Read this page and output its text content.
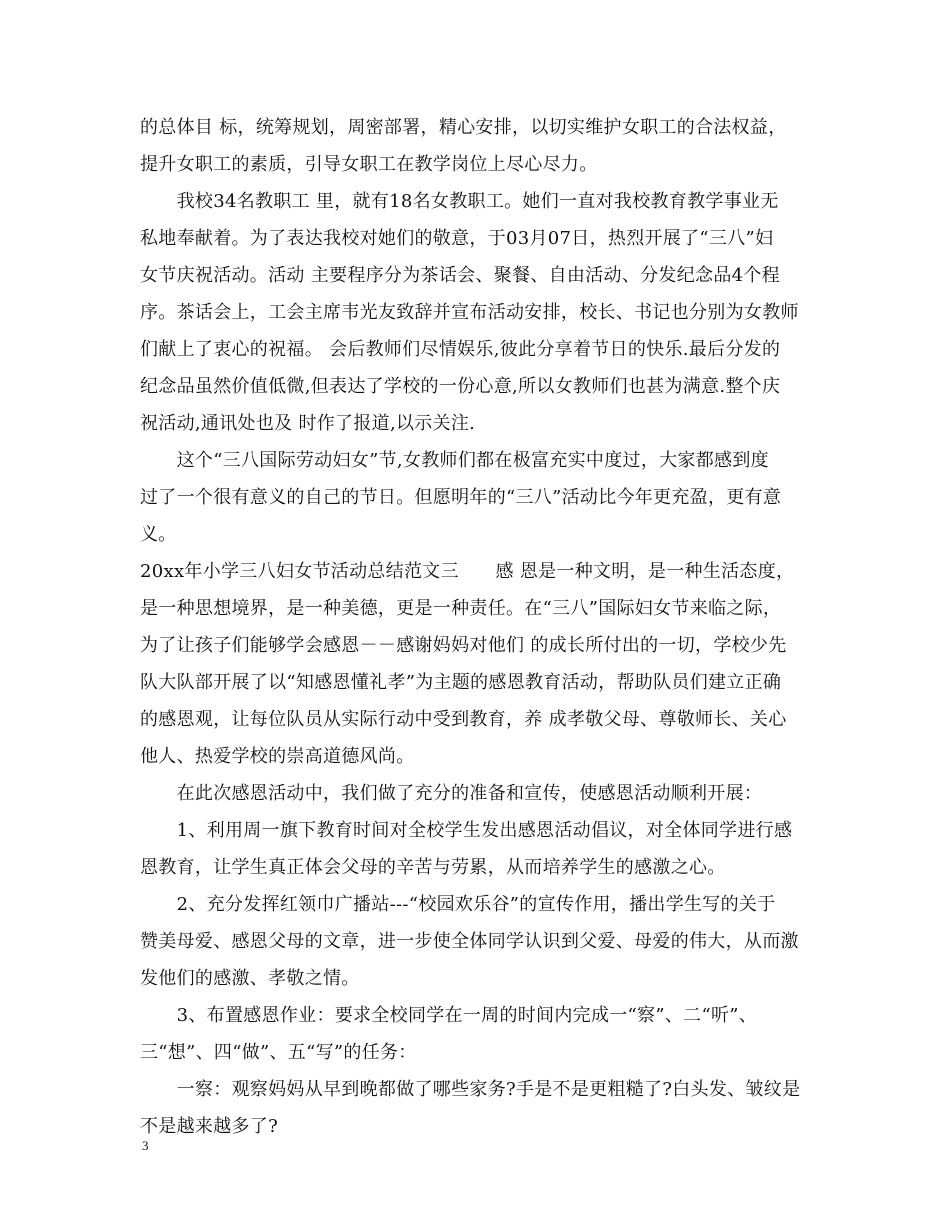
的总体目 标，统筹规划，周密部署，精心安排，以切实维护女职工的合法权益，
提升女职工的素质，引导女职工在教学岗位上尽心尽力。
　　我校34名教职工 里，就有18名女教职工。她们一直对我校教育教学事业无
私地奉献着。为了表达我校对她们的敬意，于03月07日，热烈开展了“三八”妇
女节庆祝活动。活动 主要程序分为茶话会、聚餐、自由活动、分发纪念品4个程
序。茶话会上，工会主席韦光友致辞并宣布活动安排，校长、书记也分别为女教师
们献上了衷心的祝福。 会后教师们尽情娱乐,彼此分享着节日的快乐.最后分发的
纪念品虽然价值低微,但表达了学校的一份心意,所以女教师们也甚为满意.整个庆
祝活动,通讯处也及 时作了报道,以示关注.
　　这个“三八国际劳动妇女”节,女教师们都在极富充实中度过，大家都感到度
过了一个很有意义的自己的节日。但愿明年的“三八”活动比今年更充盈，更有意
义。
20xx年小学三八妇女节活动总结范文三　　感 恩是一种文明，是一种生活态度，
是一种思想境界，是一种美德，更是一种责任。在“三八”国际妇女节来临之际，
为了让孩子们能够学会感恩－－感谢妈妈对他们 的成长所付出的一切，学校少先
队大队部开展了以“知感恩懂礼孝”为主题的感恩教育活动，帮助队员们建立正确
的感恩观，让每位队员从实际行动中受到教育，养 成孝敬父母、尊敬师长、关心
他人、热爱学校的崇高道德风尚。
　　在此次感恩活动中，我们做了充分的准备和宣传，使感恩活动顺利开展：
　　1、利用周一旗下教育时间对全校学生发出感恩活动倡议，对全体同学进行感
恩教育，让学生真正体会父母的辛苦与劳累，从而培养学生的感激之心。
　　2、充分发挥红领巾广播站---“校园欢乐谷”的宣传作用，播出学生写的关于
赞美母爱、感恩父母的文章，进一步使全体同学认识到父爱、母爱的伟大，从而激
发他们的感激、孝敬之情。
　　3、布置感恩作业：要求全校同学在一周的时间内完成一“察”、二“听”、
三“想”、四“做”、五“写”的任务：
　　一察：观察妈妈从早到晚都做了哪些家务?手是不是更粗糙了?白头发、皱纹是
不是越来越多了?
3
